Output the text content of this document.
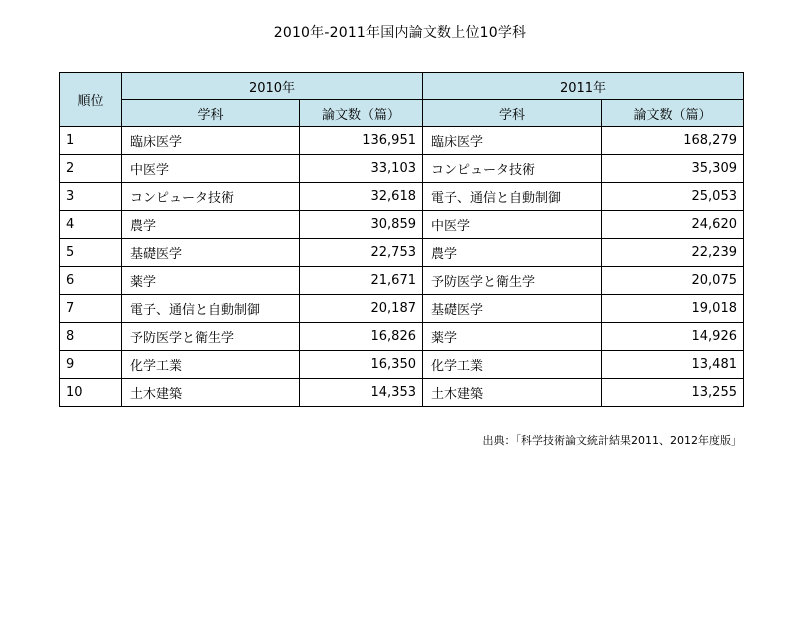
2010年-2011年国内論文数上位10学科
順位	2010年		2011年	
	学科	論文数（篇）	学科	論文数（篇）
1	臨床医学	136,951	臨床医学	168,279
2	中医学	33,103	コンピュータ技術	35,309
3	コンピュータ技術	32,618	電子、通信と自動制御	25,053
4	農学	30,859	中医学	24,620
5	基礎医学	22,753	農学	22,239
6	薬学	21,671	予防医学と衛生学	20,075
7	電子、通信と自動制御	20,187	基礎医学	19,018
8	予防医学と衛生学	16,826	薬学	14,926
9	化学工業	16,350	化学工業	13,481
10	土木建築	14,353	土木建築	13,255
出典：「科学技術論文統計結果2011、2012年度版」
